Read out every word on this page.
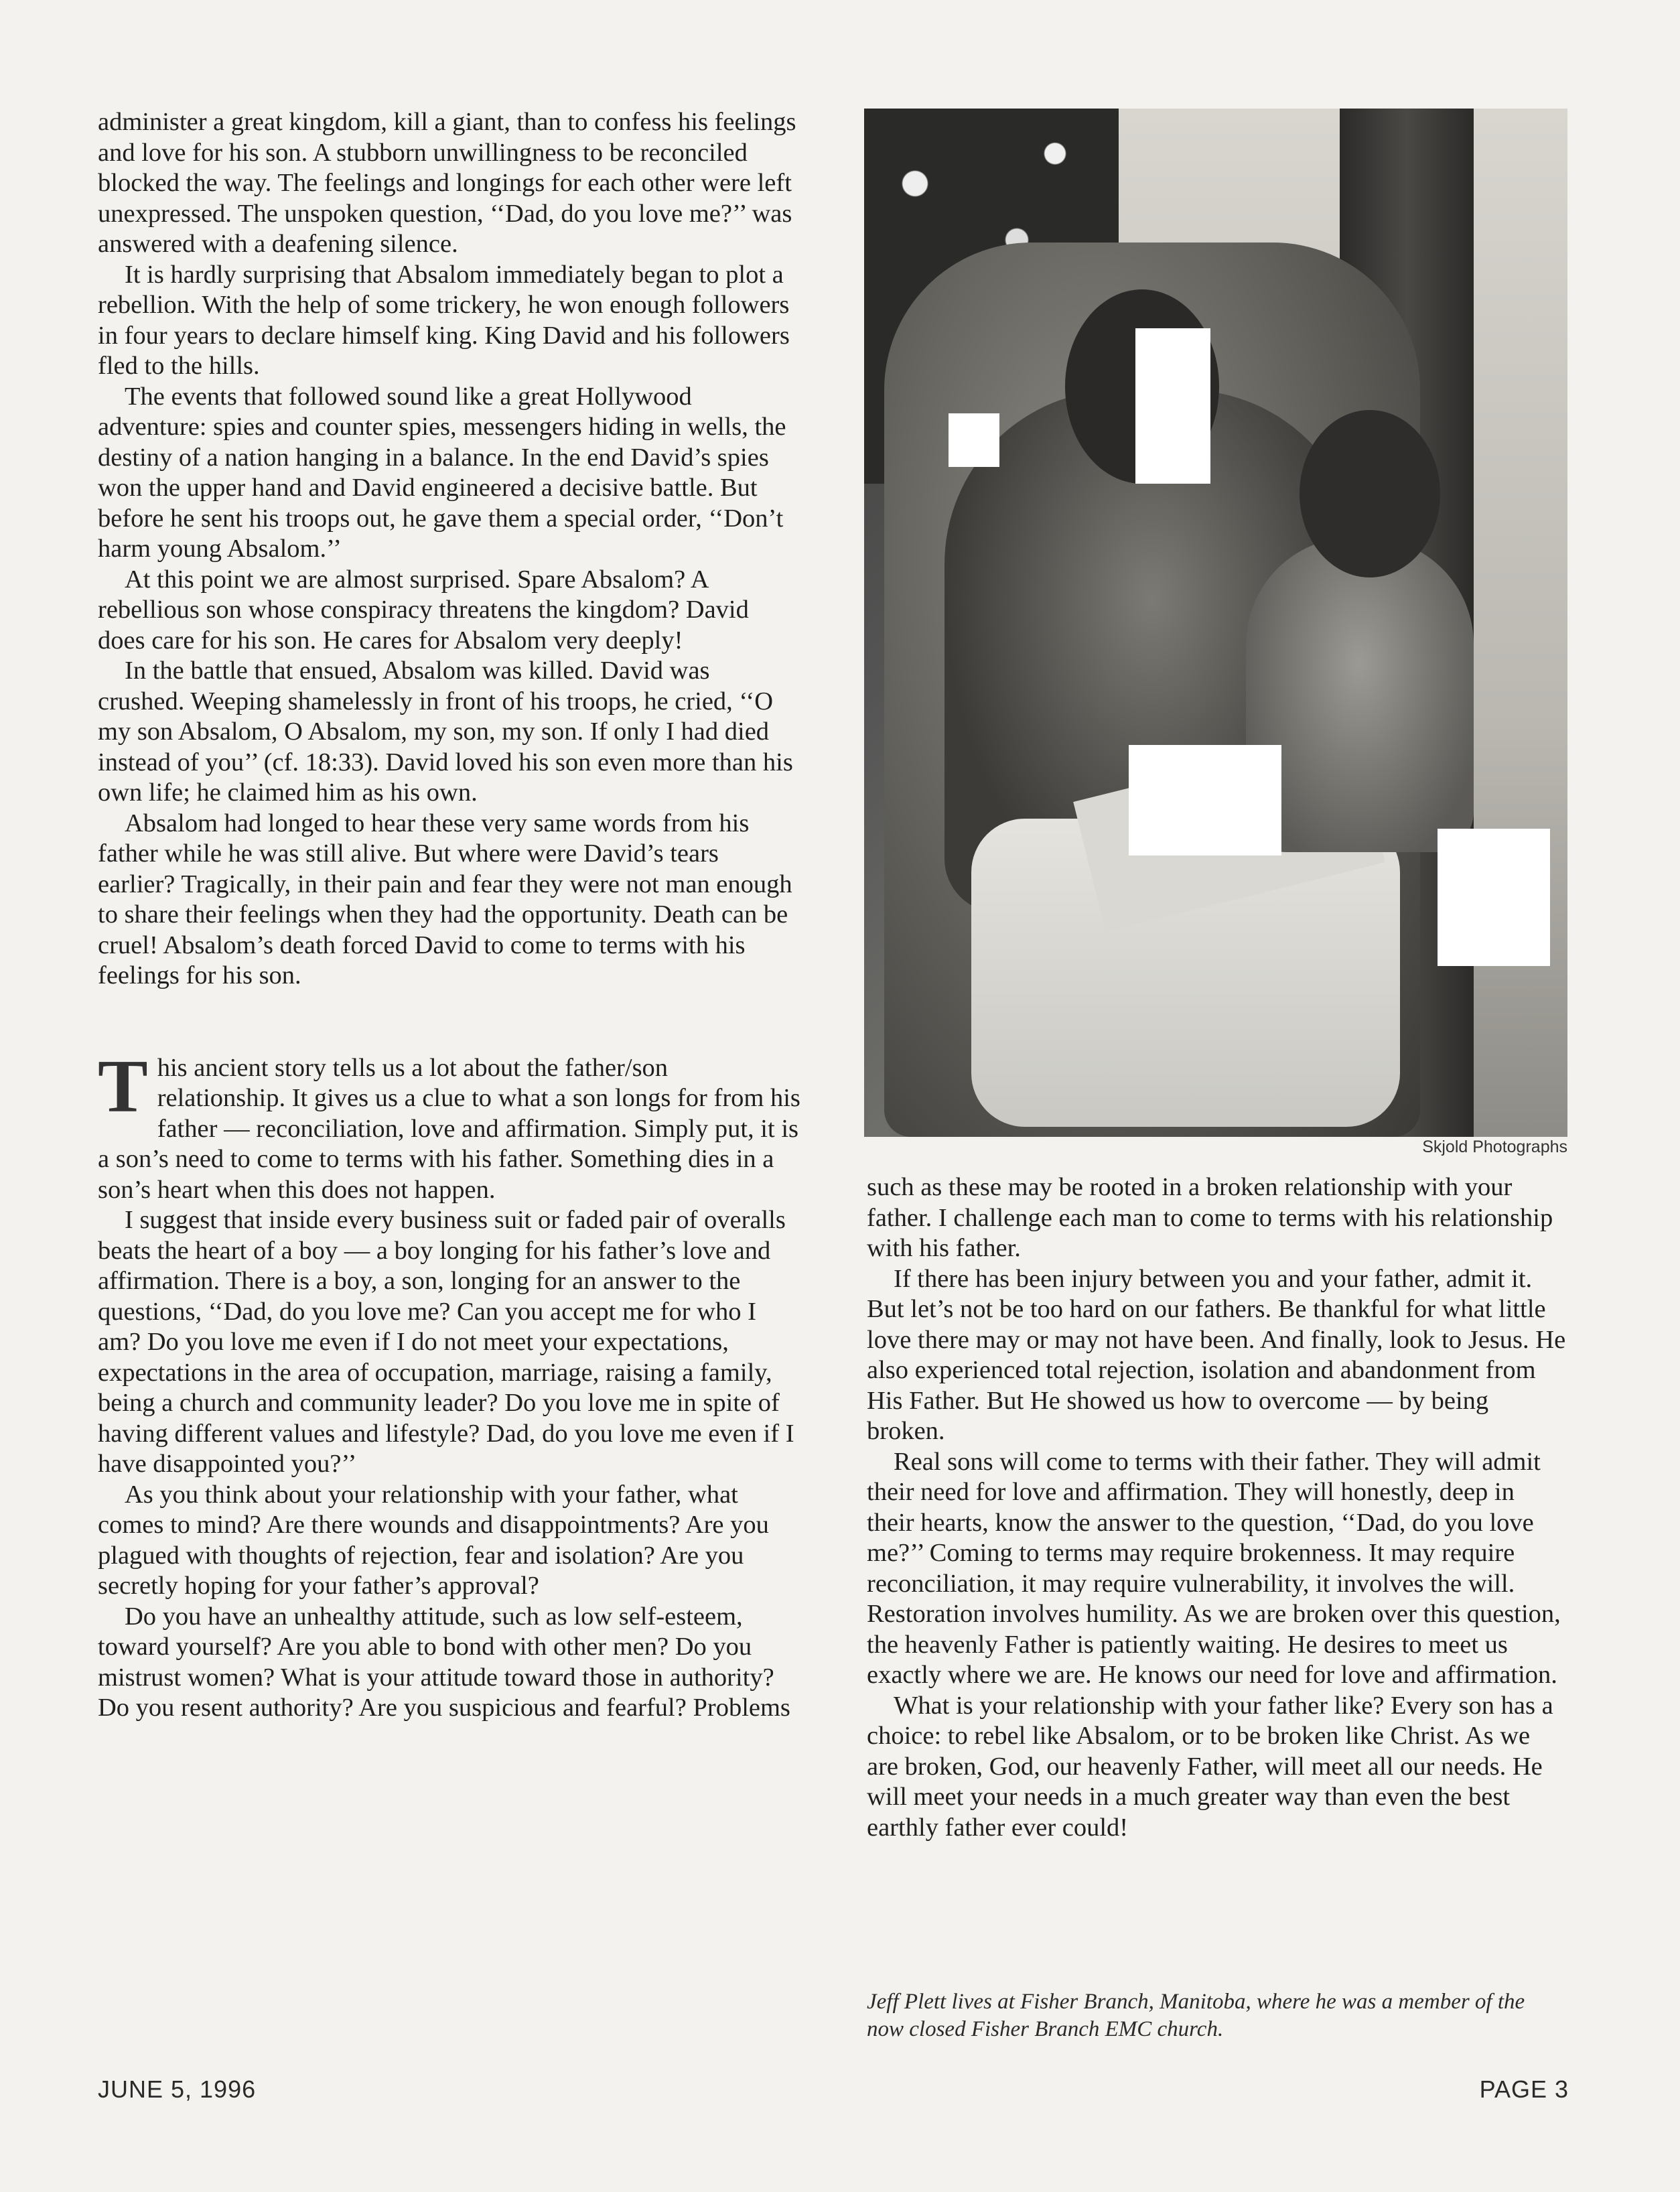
administer a great kingdom, kill a giant, than to confess his feelings and love for his son. A stubborn unwillingness to be reconciled blocked the way. The feelings and longings for each other were left unexpressed. The unspoken question, ‘‘Dad, do you love me?’’ was answered with a deafening silence.

It is hardly surprising that Absalom immediately began to plot a rebellion. With the help of some trickery, he won enough followers in four years to declare himself king. King David and his followers fled to the hills.

The events that followed sound like a great Hollywood adventure: spies and counter spies, messengers hiding in wells, the destiny of a nation hanging in a balance. In the end David’s spies won the upper hand and David engineered a decisive battle. But before he sent his troops out, he gave them a special order, ‘‘Don’t harm young Absalom.’’

At this point we are almost surprised. Spare Absalom? A rebellious son whose conspiracy threatens the kingdom? David does care for his son. He cares for Absalom very deeply!

In the battle that ensued, Absalom was killed. David was crushed. Weeping shamelessly in front of his troops, he cried, ‘‘O my son Absalom, O Absalom, my son, my son. If only I had died instead of you’’ (cf. 18:33). David loved his son even more than his own life; he claimed him as his own.

Absalom had longed to hear these very same words from his father while he was still alive. But where were David’s tears earlier? Tragically, in their pain and fear they were not man enough to share their feelings when they had the opportunity. Death can be cruel! Absalom’s death forced David to come to terms with his feelings for his son.

This ancient story tells us a lot about the father/son relationship. It gives us a clue to what a son longs for from his father — reconciliation, love and affirmation. Simply put, it is a son’s need to come to terms with his father. Something dies in a son’s heart when this does not happen.

I suggest that inside every business suit or faded pair of overalls beats the heart of a boy — a boy longing for his father’s love and affirmation. There is a boy, a son, longing for an answer to the questions, ‘‘Dad, do you love me? Can you accept me for who I am? Do you love me even if I do not meet your expectations, expectations in the area of occupation, marriage, raising a family, being a church and community leader? Do you love me in spite of having different values and lifestyle? Dad, do you love me even if I have disappointed you?’’

As you think about your relationship with your father, what comes to mind? Are there wounds and disappointments? Are you plagued with thoughts of rejection, fear and isolation? Are you secretly hoping for your father’s approval?

Do you have an unhealthy attitude, such as low self-esteem, toward yourself? Are you able to bond with other men? Do you mistrust women? What is your attitude toward those in authority? Do you resent authority? Are you suspicious and fearful? Problems

Skjold Photographs

such as these may be rooted in a broken relationship with your father. I challenge each man to come to terms with his relationship with his father.

If there has been injury between you and your father, admit it. But let’s not be too hard on our fathers. Be thankful for what little love there may or may not have been. And finally, look to Jesus. He also experienced total rejection, isolation and abandonment from His Father. But He showed us how to overcome — by being broken.

Real sons will come to terms with their father. They will admit their need for love and affirmation. They will honestly, deep in their hearts, know the answer to the question, ‘‘Dad, do you love me?’’ Coming to terms may require brokenness. It may require reconciliation, it may require vulnerability, it involves the will. Restoration involves humility. As we are broken over this question, the heavenly Father is patiently waiting. He desires to meet us exactly where we are. He knows our need for love and affirmation.

What is your relationship with your father like? Every son has a choice: to rebel like Absalom, or to be broken like Christ. As we are broken, God, our heavenly Father, will meet all our needs. He will meet your needs in a much greater way than even the best earthly father ever could!

Jeff Plett lives at Fisher Branch, Manitoba, where he was a member of the now closed Fisher Branch EMC church.
JUNE 5, 1996	PAGE 3
